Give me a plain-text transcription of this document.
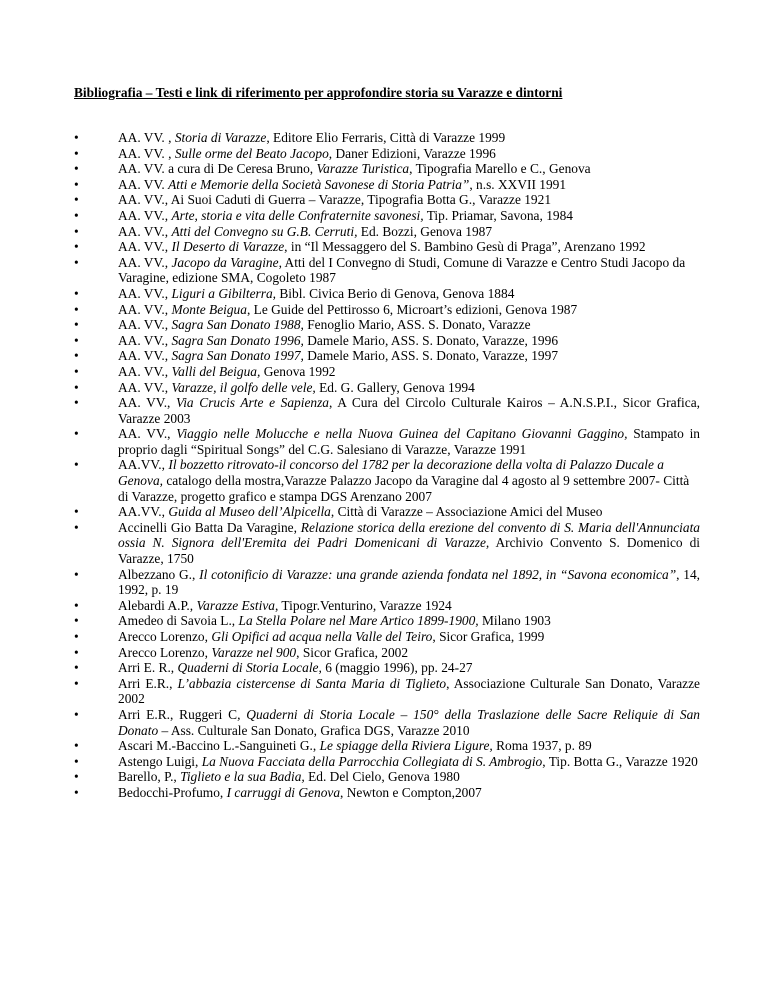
Bibliografia – Testi e link di riferimento per approfondire storia su Varazze e dintorni

• AA. VV. , Storia di Varazze, Editore Elio Ferraris, Città di Varazze 1999
• AA. VV. , Sulle orme del Beato Jacopo, Daner Edizioni, Varazze 1996
• AA. VV. a cura di De Ceresa Bruno, Varazze Turistica, Tipografia Marello e C., Genova
• AA. VV. Atti e Memorie della Società Savonese di Storia Patria”, n.s. XXVII 1991
• AA. VV., Ai Suoi Caduti di Guerra – Varazze, Tipografia Botta G., Varazze 1921
• AA. VV., Arte, storia e vita delle Confraternite savonesi, Tip. Priamar, Savona, 1984
• AA. VV., Atti del Convegno su G.B. Cerruti, Ed. Bozzi, Genova 1987
• AA. VV., Il Deserto di Varazze, in “Il Messaggero del S. Bambino Gesù di Praga”, Arenzano 1992
• AA. VV., Jacopo da Varagine, Atti del I Convegno di Studi, Comune di Varazze e Centro Studi Jacopo da Varagine, edizione SMA, Cogoleto 1987
• AA. VV., Liguri a Gibilterra, Bibl. Civica Berio di Genova, Genova 1884
• AA. VV., Monte Beigua, Le Guide del Pettirosso 6, Microart’s edizioni, Genova 1987
• AA. VV., Sagra San Donato 1988, Fenoglio Mario, ASS. S. Donato, Varazze
• AA. VV., Sagra San Donato 1996, Damele Mario, ASS. S. Donato, Varazze, 1996
• AA. VV., Sagra San Donato 1997, Damele Mario, ASS. S. Donato, Varazze, 1997
• AA. VV., Valli del Beigua, Genova 1992
• AA. VV., Varazze, il golfo delle vele, Ed. G. Gallery, Genova 1994
• AA. VV., Via Crucis Arte e Sapienza, A Cura del Circolo Culturale Kairos – A.N.S.P.I., Sicor Grafica, Varazze 2003
• AA. VV., Viaggio nelle Molucche e nella Nuova Guinea del Capitano Giovanni Gaggino, Stampato in proprio dagli “Spiritual Songs” del C.G. Salesiano di Varazze, Varazze 1991
• AA.VV., Il bozzetto ritrovato-il concorso del 1782 per la decorazione della volta di Palazzo Ducale a Genova, catalogo della mostra,Varazze Palazzo Jacopo da Varagine dal 4 agosto al 9 settembre 2007- Città di Varazze, progetto grafico e stampa DGS Arenzano 2007
• AA.VV., Guida al Museo dell’Alpicella, Città di Varazze – Associazione Amici del Museo
• Accinelli Gio Batta Da Varagine, Relazione storica della erezione del convento di S. Maria dell'Annunciata ossia N. Signora dell'Eremita dei Padri Domenicani di Varazze, Archivio Convento S. Domenico di Varazze, 1750
• Albezzano G., Il cotonificio di Varazze: una grande azienda fondata nel 1892, in “Savona economica”, 14, 1992, p. 19
• Alebardi A.P., Varazze Estiva, Tipogr.Venturino, Varazze 1924
• Amedeo di Savoia L., La Stella Polare nel Mare Artico 1899-1900, Milano 1903
• Arecco Lorenzo, Gli Opifici ad acqua nella Valle del Teiro, Sicor Grafica, 1999
• Arecco Lorenzo, Varazze nel 900, Sicor Grafica, 2002
• Arri E. R., Quaderni di Storia Locale, 6 (maggio 1996), pp. 24-27
• Arri E.R., L’abbazia cistercense di Santa Maria di Tiglieto, Associazione Culturale San Donato, Varazze 2002
• Arri E.R., Ruggeri C, Quaderni di Storia Locale – 150° della Traslazione delle Sacre Reliquie di San Donato – Ass. Culturale San Donato, Grafica DGS, Varazze 2010
• Ascari M.-Baccino L.-Sanguineti G., Le spiagge della Riviera Ligure, Roma 1937, p. 89
• Astengo Luigi, La Nuova Facciata della Parrocchia Collegiata di S. Ambrogio, Tip. Botta G., Varazze 1920
• Barello, P., Tiglieto e la sua Badia, Ed. Del Cielo, Genova 1980
• Bedocchi-Profumo, I carruggi di Genova, Newton e Compton,2007
